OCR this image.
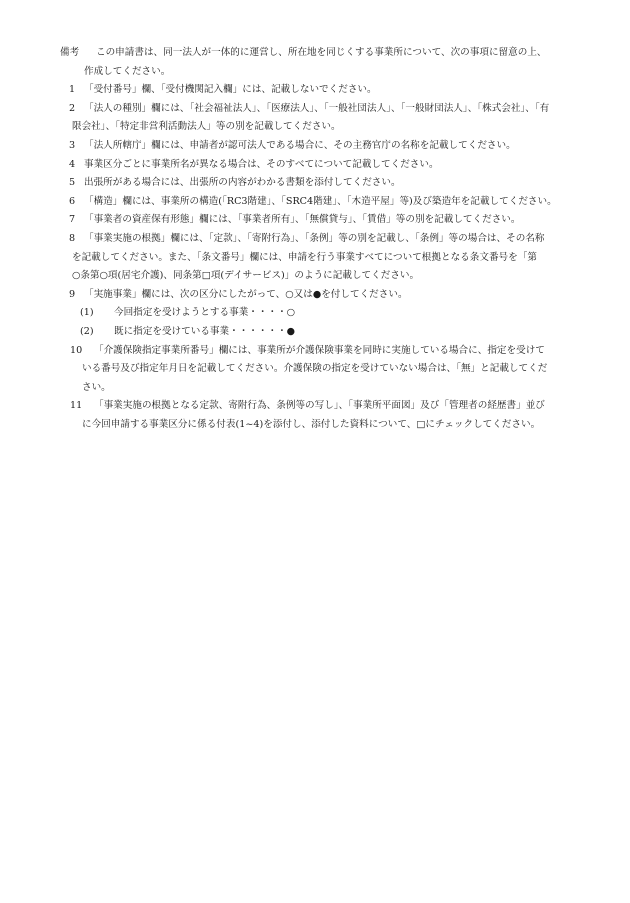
備考	この申請書は、同一法人が一体的に運営し、所在地を同じくする事業所について、次の事項に留意の上、
作成してください。
1 「受付番号」欄、「受付機関記入欄」には、記載しないでください。
2 「法人の種別」欄には、「社会福祉法人」、「医療法人」、「一般社団法人」、「一般財団法人」、「株式会社」、「有
限会社」、「特定非営利活動法人」等の別を記載してください。
3 「法人所轄庁」欄には、申請者が認可法人である場合に、その主務官庁の名称を記載してください。
4 事業区分ごとに事業所名が異なる場合は、そのすべてについて記載してください。
5 出張所がある場合には、出張所の内容がわかる書類を添付してください。
6 「構造」欄には、事業所の構造(「RC3階建」、「SRC4階建」、「木造平屋」等)及び築造年を記載してください。
7 「事業者の資産保有形態」欄には、「事業者所有」、「無償貸与」、「賃借」等の別を記載してください。
8 「事業実施の根拠」欄には、「定款」、「寄附行為」、「条例」等の別を記載し、「条例」等の場合は、その名称
を記載してください。また、「条文番号」欄には、申請を行う事業すべてについて根拠となる条文番号を「第
○条第○項(居宅介護)、同条第□項(デイサービス)」のように記載してください。
9 「実施事業」欄には、次の区分にしたがって、○又は●を付してください。
(1)	今回指定を受けようとする事業・・・・○
(2)	既に指定を受けている事業・・・・・・●
10	「介護保険指定事業所番号」欄には、事業所が介護保険事業を同時に実施している場合に、指定を受けて
いる番号及び指定年月日を記載してください。介護保険の指定を受けていない場合は、「無」と記載してくだ
さい。
11	「事業実施の根拠となる定款、寄附行為、条例等の写し」、「事業所平面図」及び「管理者の経歴書」並び
に今回申請する事業区分に係る付表(1~4)を添付し、添付した資料について、□にチェックしてください。
